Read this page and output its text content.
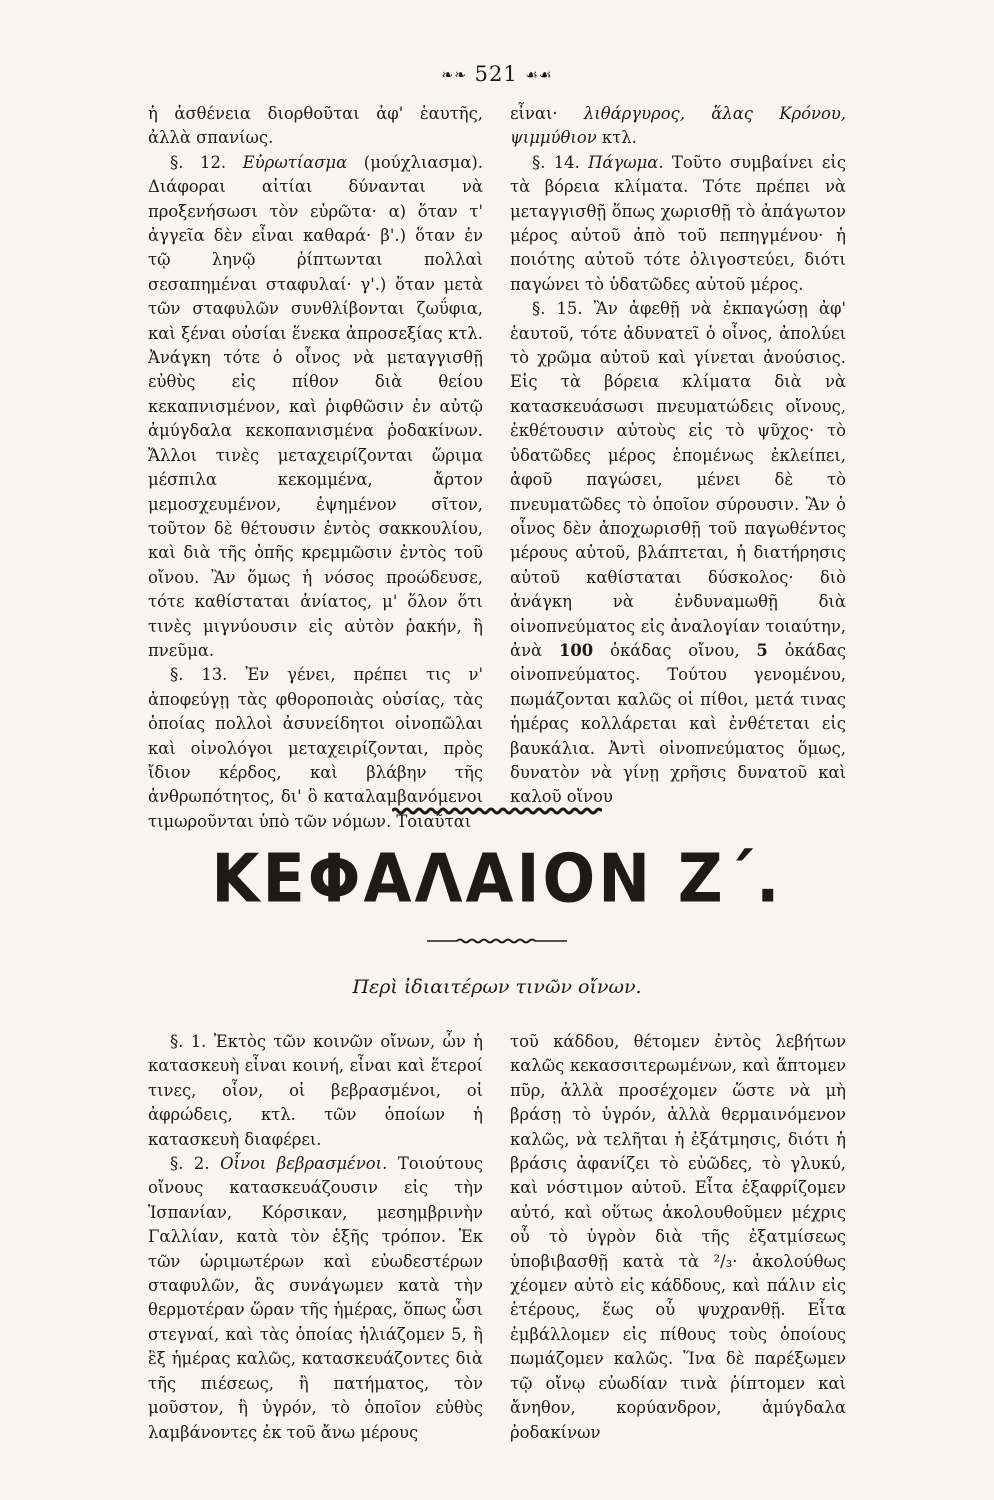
❧❧ 521 ☙☙

ἡ ἀσθένεια διορθοῦται ἀφ' ἑαυτῆς, ἀλλὰ σπανίως.

§. 12. Εὐρωτίασμα (μούχλιασμα). Διάφοραι αἰτίαι δύνανται νὰ προξενήσωσι τὸν εὐρῶτα· α) ὅταν τ' ἀγγεῖα δὲν εἶναι καθαρά· β'.) ὅταν ἐν τῷ ληνῷ ῥίπτωνται πολλαὶ σεσαπημέναι σταφυλαί· γ'.) ὅταν μετὰ τῶν σταφυλῶν συνθλίβονται ζωΰφια, καὶ ξέναι οὐσίαι ἕνεκα ἀπροσεξίας κτλ. Ἀνάγκη τότε ὁ οἶνος νὰ μεταγγισθῇ εὐθὺς εἰς πίθον διὰ θείου κεκαπνισμένον, καὶ ῥιφθῶσιν ἐν αὐτῷ ἀμύγδαλα κεκοπανισμένα ῥοδακίνων. Ἄλλοι τινὲς μεταχειρίζονται ὥριμα μέσπιλα κεκομμένα, ἄρτον μεμοσχευμένον, ἐψημένον σῖτον, τοῦτον δὲ θέτουσιν ἐντὸς σακκουλίου, καὶ διὰ τῆς ὀπῆς κρεμμῶσιν ἐντὸς τοῦ οἴνου. Ἂν ὅμως ἡ νόσος προώδευσε, τότε καθίσταται ἀνίατος, μ' ὅλον ὅτι τινὲς μιγνύουσιν εἰς αὐτὸν ῥακήν, ἢ πνεῦμα.

§. 13. Ἐν γένει, πρέπει τις ν' ἀποφεύγῃ τὰς φθοροποιὰς οὐσίας, τὰς ὁποίας πολλοὶ ἀσυνείδητοι οἰνοπῶλαι καὶ οἰνολόγοι μεταχειρίζονται, πρὸς ἴδιον κέρδος, καὶ βλάβην τῆς ἀνθρωπότητος, δι' ὃ καταλαμβανόμενοι τιμωροῦνται ὑπὸ τῶν νόμων. Τοιαῦται

εἶναι· λιθάργυρος, ἅλας Κρόνου, ψιμμύθιον κτλ.

§. 14. Πάγωμα. Τοῦτο συμβαίνει εἰς τὰ βόρεια κλίματα. Τότε πρέπει νὰ μεταγγισθῇ ὅπως χωρισθῇ τὸ ἀπάγωτον μέρος αὐτοῦ ἀπὸ τοῦ πεπηγμένου· ἡ ποιότης αὐτοῦ τότε ὀλιγοστεύει, διότι παγώνει τὸ ὑδατῶδες αὐτοῦ μέρος.

§. 15. Ἂν ἀφεθῇ νὰ ἐκπαγώσῃ ἀφ' ἑαυτοῦ, τότε ἀδυνατεῖ ὁ οἶνος, ἀπολύει τὸ χρῶμα αὐτοῦ καὶ γίνεται ἀνούσιος. Εἰς τὰ βόρεια κλίματα διὰ νὰ κατασκευάσωσι πνευματώδεις οἴνους, ἐκθέτουσιν αὐτοὺς εἰς τὸ ψῦχος· τὸ ὑδατῶδες μέρος ἑπομένως ἐκλείπει, ἀφοῦ παγώσει, μένει δὲ τὸ πνευματῶδες τὸ ὁποῖον σύρουσιν. Ἂν ὁ οἶνος δὲν ἀποχωρισθῇ τοῦ παγωθέντος μέρους αὐτοῦ, βλάπτεται, ἡ διατήρησις αὐτοῦ καθίσταται δύσκολος· διὸ ἀνάγκη νὰ ἐνδυναμωθῇ διὰ οἰνοπνεύματος εἰς ἀναλογίαν τοιαύτην, ἀνὰ 100 ὀκάδας οἴνου, 5 ὀκάδας οἰνοπνεύματος. Τούτου γενομένου, πωμάζονται καλῶς οἱ πίθοι, μετά τινας ἡμέρας κολλάρεται καὶ ἐνθέτεται εἰς βαυκάλια. Ἀντὶ οἰνοπνεύματος ὅμως, δυνατὸν νὰ γίνῃ χρῆσις δυνατοῦ καὶ καλοῦ οἴνου

ΚΕΦΑΛΑΙΟΝ Ζ΄.
Περὶ ἰδιαιτέρων τινῶν οἴνων.

§. 1. Ἐκτὸς τῶν κοινῶν οἴνων, ὧν ἡ κατασκευὴ εἶναι κοινή, εἶναι καὶ ἕτεροί τινες, οἷον, οἱ βεβρασμένοι, οἱ ἀφρώδεις, κτλ. τῶν ὁποίων ἡ κατασκευὴ διαφέρει.

§. 2. Οἶνοι βεβρασμένοι. Τοιούτους οἴνους κατασκευάζουσιν εἰς τὴν Ἱσπανίαν, Κόρσικαν, μεσημβρινὴν Γαλλίαν, κατὰ τὸν ἑξῆς τρόπον. Ἐκ τῶν ὡριμωτέρων καὶ εὐωδεστέρων σταφυλῶν, ἃς συνάγωμεν κατὰ τὴν θερμοτέραν ὥραν τῆς ἡμέρας, ὅπως ὦσι στεγναί, καὶ τὰς ὁποίας ἡλιάζομεν 5, ἢ ἓξ ἡμέρας καλῶς, κατασκευάζοντες διὰ τῆς πιέσεως, ἢ πατήματος, τὸν μοῦστον, ἢ ὑγρόν, τὸ ὁποῖον εὐθὺς λαμβάνοντες ἐκ τοῦ ἄνω μέρους

τοῦ κάδδου, θέτομεν ἐντὸς λεβήτων καλῶς κεκασσιτερωμένων, καὶ ἅπτομεν πῦρ, ἀλλὰ προσέχομεν ὥστε νὰ μὴ βράσῃ τὸ ὑγρόν, ἀλλὰ θερμαινόμενον καλῶς, νὰ τελῆται ἡ ἐξάτμησις, διότι ἡ βράσις ἀφανίζει τὸ εὐῶδες, τὸ γλυκύ, καὶ νόστιμον αὐτοῦ. Εἶτα ἐξαφρίζομεν αὐτό, καὶ οὕτως ἀκολουθοῦμεν μέχρις οὗ τὸ ὑγρὸν διὰ τῆς ἐξατμίσεως ὑποβιβασθῇ κατὰ τὰ ²/₃· ἀκολούθως χέομεν αὐτὸ εἰς κάδδους, καὶ πάλιν εἰς ἑτέρους, ἕως οὗ ψυχρανθῇ. Εἶτα ἐμβάλλομεν εἰς πίθους τοὺς ὁποίους πωμάζομεν καλῶς. Ἵνα δὲ παρέξωμεν τῷ οἴνῳ εὐωδίαν τινὰ ῥίπτομεν καὶ ἄνηθον, κορύανδρον, ἀμύγδαλα ῥοδακίνων
